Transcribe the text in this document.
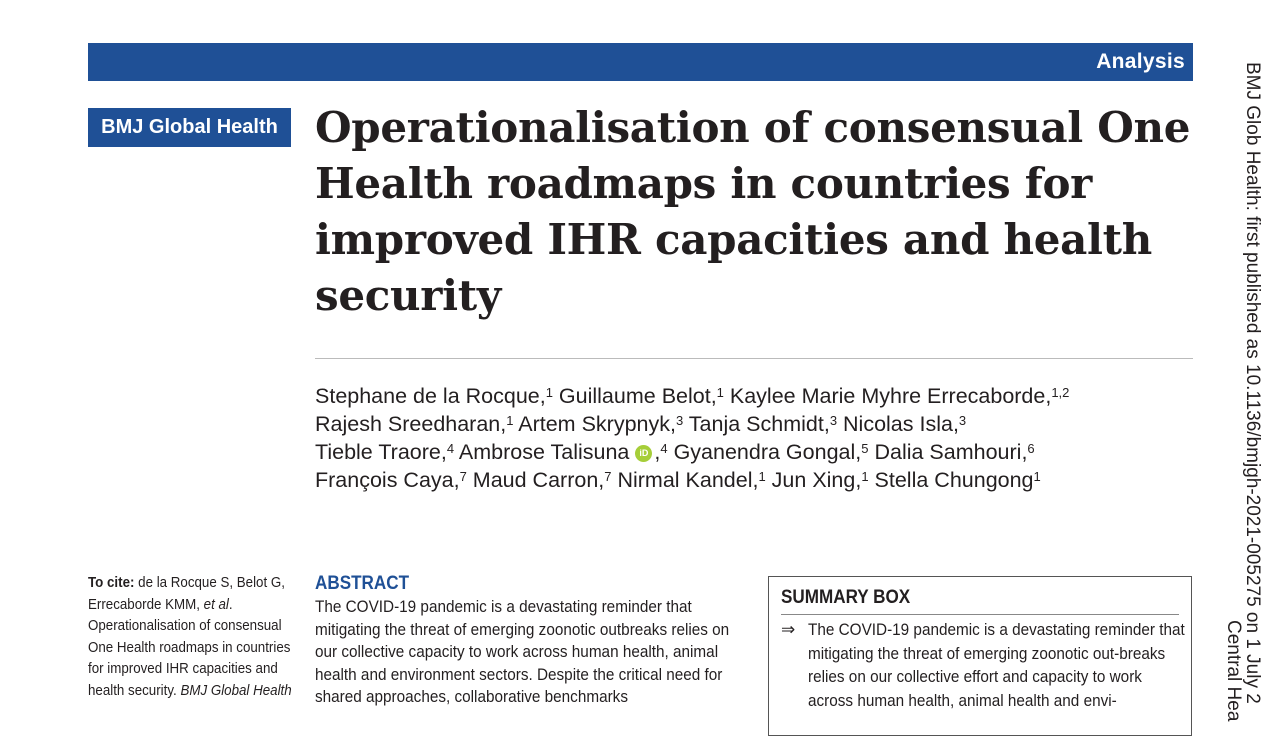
Analysis
BMJ Global Health Operationalisation of consensual One Health roadmaps in countries for improved IHR capacities and health security
Stephane de la Rocque,$^1$ Guillaume Belot,$^1$ Kaylee Marie Myhre Errecaborde,$^{1,2}$
Rajesh Sreedharan,$^1$ Artem Skrypnyk,$^3$ Tanja Schmidt,$^3$ Nicolas Isla,$^3$
Tieble Traore,$^4$ Ambrose Talisuna iD ,$^4$ Gyanendra Gongal,$^5$ Dalia Samhouri,$^6$
François Caya,$^7$ Maud Carron,$^7$ Nirmal Kandel,$^1$ Jun Xing,$^1$ Stella Chungong$^1$
To cite: de la Rocque S, Belot G, Errecaborde KMM, et al. Operationalisation of consensual One Health roadmaps in countries for improved IHR capacities and health security. BMJ Global Health
ABSTRACT

The COVID-19 pandemic is a devastating reminder that mitigating the threat of emerging zoonotic outbreaks relies on our collective capacity to work across human health, animal health and environment sectors. Despite the critical need for shared approaches, collaborative benchmarks

SUMMARY BOX
⇒ The COVID-19 pandemic is a devastating reminder that mitigating the threat of emerging zoonotic out-breaks relies on our collective effort and capacity to work across human health, animal health and envi-	BMJ Glob Health: first published as 10.1136/bmjgh-2021-005275 on 1 July 2
Central Hea
